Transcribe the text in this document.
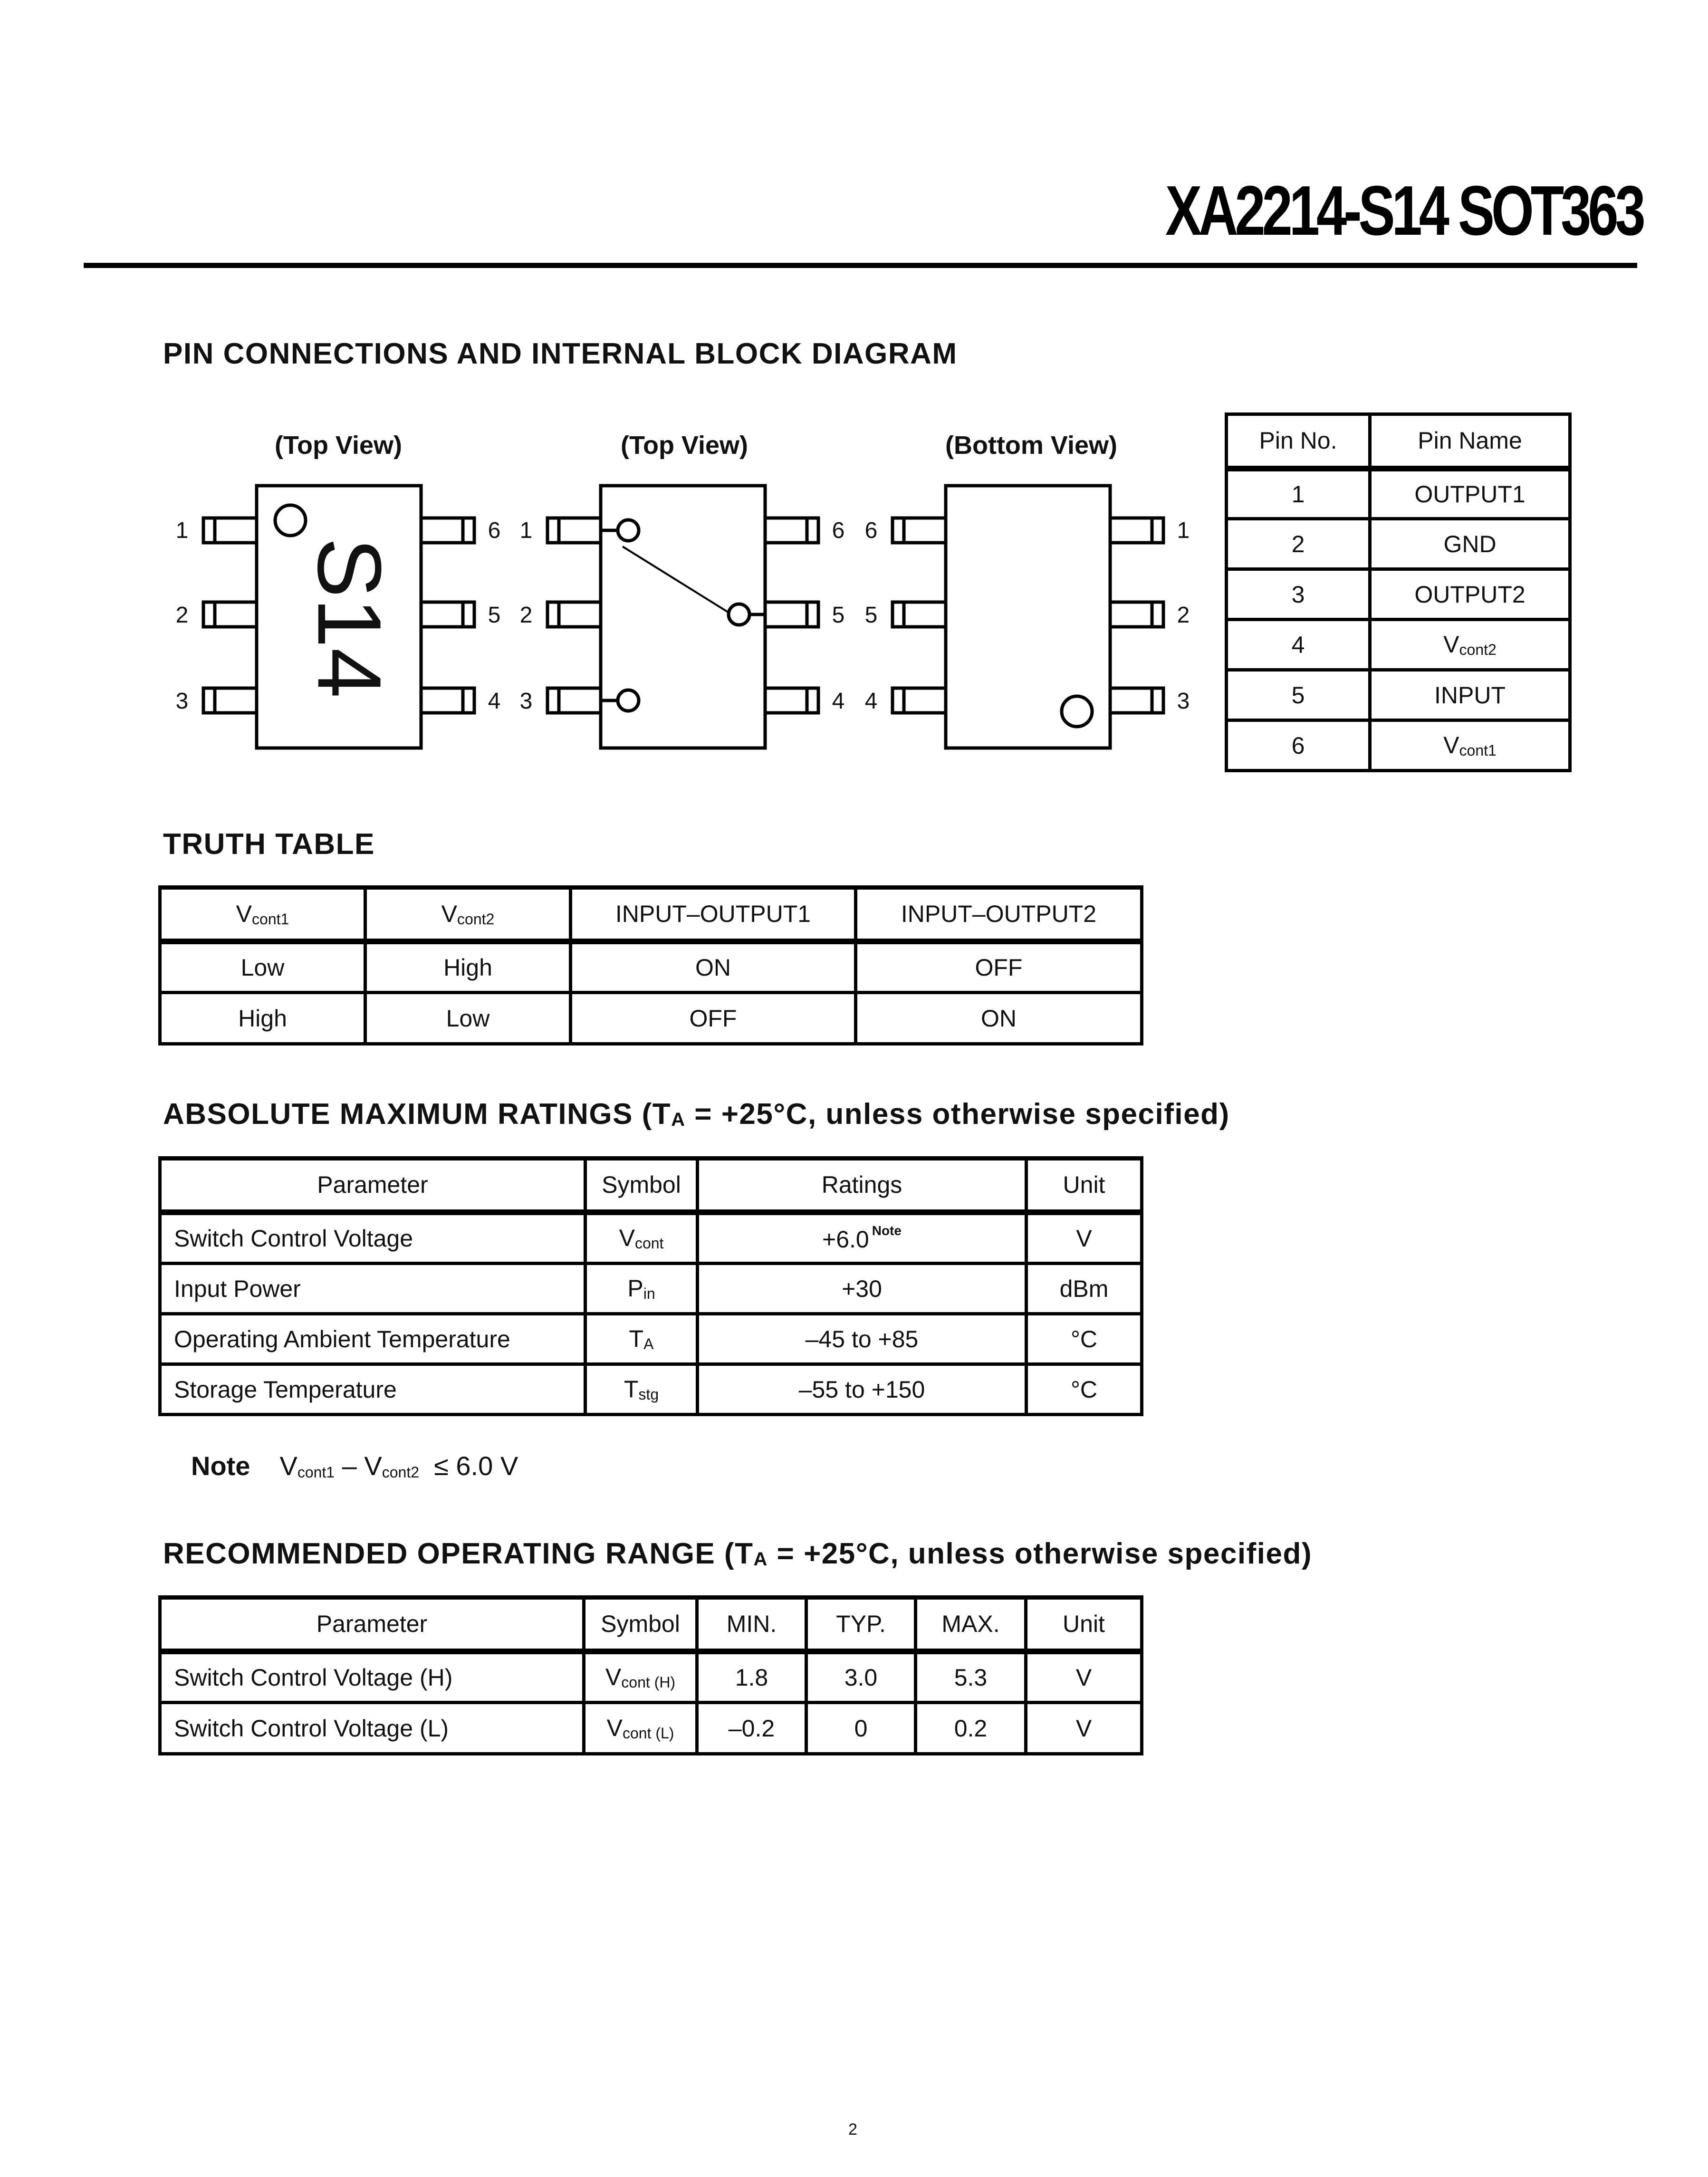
XA2214-S14 SOT363
PIN CONNECTIONS AND INTERNAL BLOCK DIAGRAM
(Top View)	(Top View)	(Bottom View)
S14
1
2
3
6
5
4
1
2
3
6
5
4
6
5
4
1
2
3
Pin No.	Pin Name
1	OUTPUT1
2	GND
3	OUTPUT2
4	$V_{cont2}$
5	INPUT
6	$V_{cont1}$
TRUTH TABLE
$V_{cont1}$	$V_{cont2}$	INPUT–OUTPUT1	INPUT–OUTPUT2
Low	High	ON	OFF
High	Low	OFF	ON
ABSOLUTE MAXIMUM RATINGS ($T_A = +25^\circ C$, unless otherwise specified)
Parameter	Symbol	Ratings	Unit
Switch Control Voltage	$V_{cont}$	+6.0 $^{Note}$	V
Input Power	$P_{in}$	+30	dBm
Operating Ambient Temperature	$T_A$	–45 to +85	°C
Storage Temperature	$T_{stg}$	–55 to +150	°C
Note $V_{cont1} - V_{cont2} \le 6.0$ V
RECOMMENDED OPERATING RANGE ($T_A = +25^\circ C$, unless otherwise specified)
Parameter	Symbol	MIN.	TYP.	MAX.	Unit
Switch Control Voltage (H)	$V_{cont (H)}$	1.8	3.0	5.3	V
Switch Control Voltage (L)	$V_{cont (L)}$	–0.2	0	0.2	V
2
